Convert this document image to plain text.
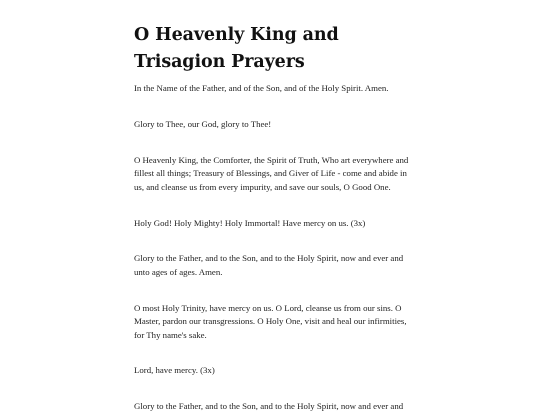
O Heavenly King and Trisagion Prayers

In the Name of the Father, and of the Son, and of the Holy Spirit. Amen.

Glory to Thee, our God, glory to Thee!

O Heavenly King, the Comforter, the Spirit of Truth, Who art everywhere and fillest all things; Treasury of Blessings, and Giver of Life - come and abide in us, and cleanse us from every impurity, and save our souls, O Good One.

Holy God! Holy Mighty! Holy Immortal! Have mercy on us. (3x)

Glory to the Father, and to the Son, and to the Holy Spirit, now and ever and unto ages of ages. Amen.

O most Holy Trinity, have mercy on us. O Lord, cleanse us from our sins. O Master, pardon our transgressions. O Holy One, visit and heal our infirmities, for Thy name's sake.

Lord, have mercy. (3x)

Glory to the Father, and to the Son, and to the Holy Spirit, now and ever and
